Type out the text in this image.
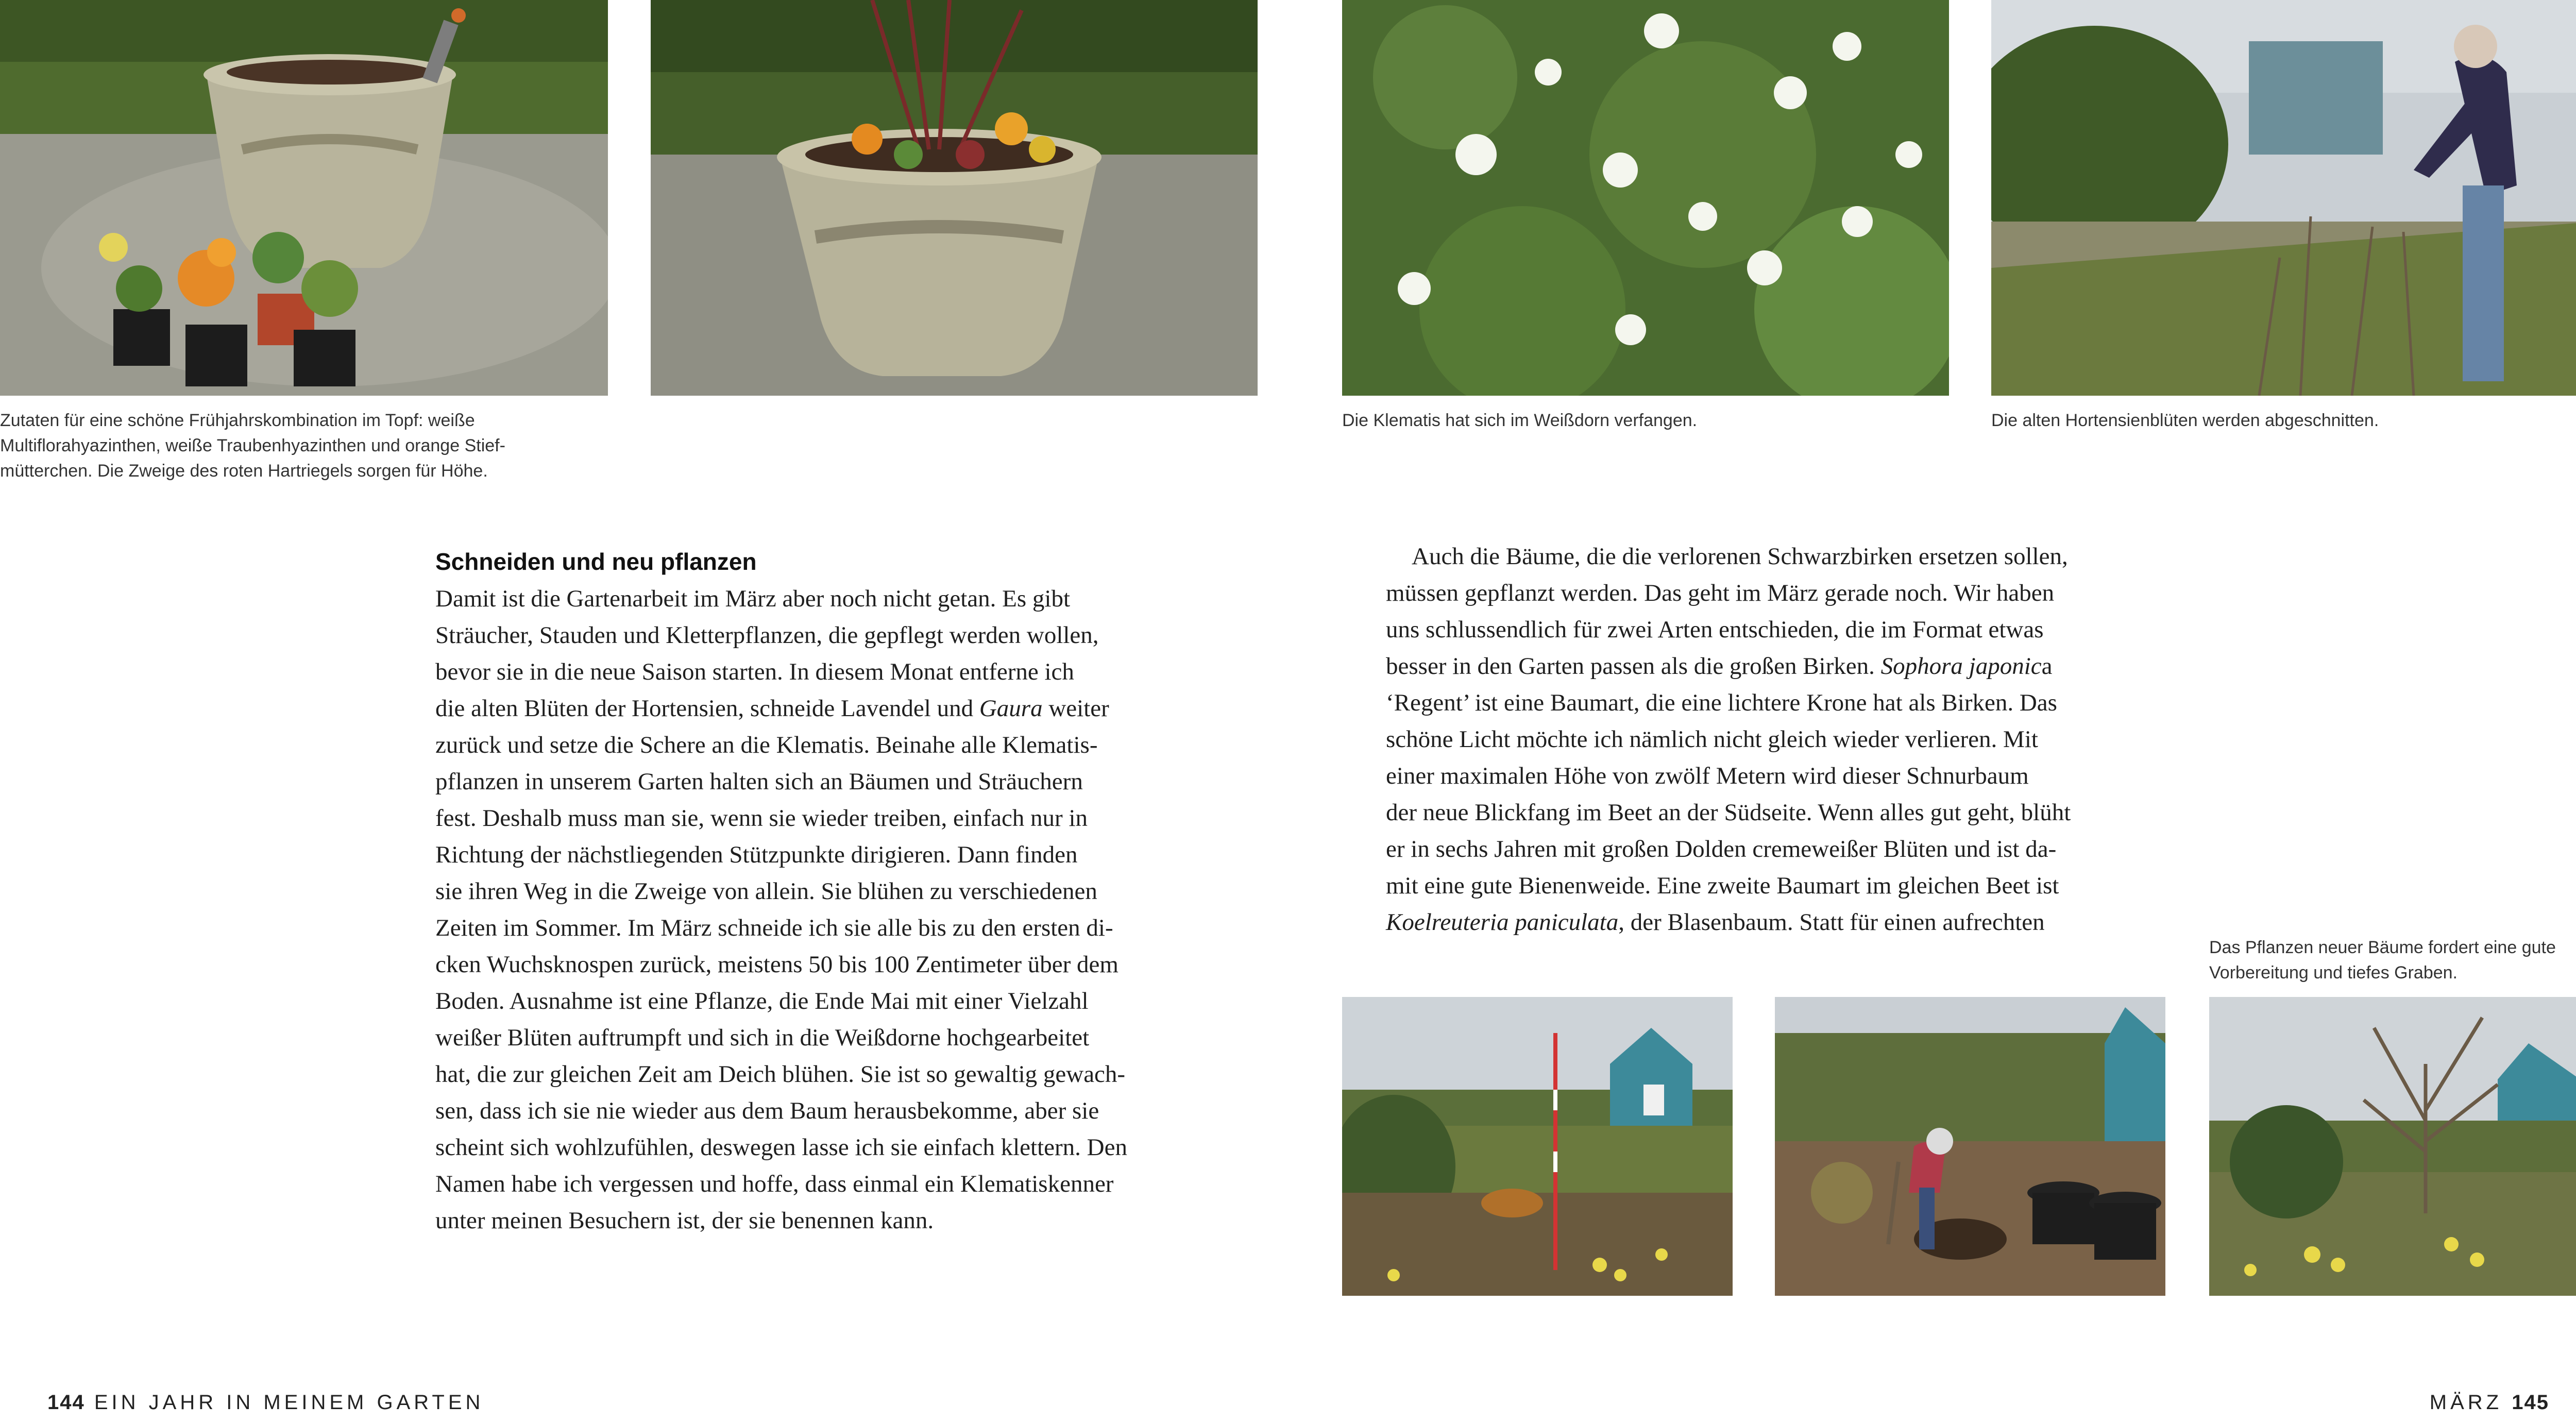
Zutaten für eine schöne Frühjahrskombination im Topf: weiße
Multiflorahyazinthen, weiße Traubenhyazinthen und orange Stief-
mütterchen. Die Zweige des roten Hartriegels sorgen für Höhe.
Die Klematis hat sich im Weißdorn verfangen.	Die alten Hortensienblüten werden abgeschnitten.
Schneiden und neu pflanzen
Damit ist die Gartenarbeit im März aber noch nicht getan. Es gibt
Sträucher, Stauden und Kletterpflanzen, die gepflegt werden wollen,
bevor sie in die neue Saison starten. In diesem Monat entferne ich
die alten Blüten der Hortensien, schneide Lavendel und Gaura weiter
zurück und setze die Schere an die Klematis. Beinahe alle Klematis-
pflanzen in unserem Garten halten sich an Bäumen und Sträuchern
fest. Deshalb muss man sie, wenn sie wieder treiben, einfach nur in
Richtung der nächstliegenden Stützpunkte dirigieren. Dann finden
sie ihren Weg in die Zweige von allein. Sie blühen zu verschiedenen
Zeiten im Sommer. Im März schneide ich sie alle bis zu den ersten di-
cken Wuchsknospen zurück, meistens 50 bis 100 Zentimeter über dem
Boden. Ausnahme ist eine Pflanze, die Ende Mai mit einer Vielzahl
weißer Blüten auftrumpft und sich in die Weißdorne hochgearbeitet
hat, die zur gleichen Zeit am Deich blühen. Sie ist so gewaltig gewach-
sen, dass ich sie nie wieder aus dem Baum herausbekomme, aber sie
scheint sich wohlzufühlen, deswegen lasse ich sie einfach klettern. Den
Namen habe ich vergessen und hoffe, dass einmal ein Klematiskenner
unter meinen Besuchern ist, der sie benennen kann.
Auch die Bäume, die die verlorenen Schwarzbirken ersetzen sollen,
müssen gepflanzt werden. Das geht im März gerade noch. Wir haben
uns schlussendlich für zwei Arten entschieden, die im Format etwas
besser in den Garten passen als die großen Birken. Sophora japonica
‘Regent’ ist eine Baumart, die eine lichtere Krone hat als Birken. Das
schöne Licht möchte ich nämlich nicht gleich wieder verlieren. Mit
einer maximalen Höhe von zwölf Metern wird dieser Schnurbaum
der neue Blickfang im Beet an der Südseite. Wenn alles gut geht, blüht
er in sechs Jahren mit großen Dolden cremeweißer Blüten und ist da-
mit eine gute Bienenweide. Eine zweite Baumart im gleichen Beet ist
Koelreuteria paniculata, der Blasenbaum. Statt für einen aufrechten
Das Pflanzen neuer Bäume fordert eine gute
Vorbereitung und tiefes Graben.
144 EIN JAHR IN MEINEM GARTEN	MÄRZ 145
